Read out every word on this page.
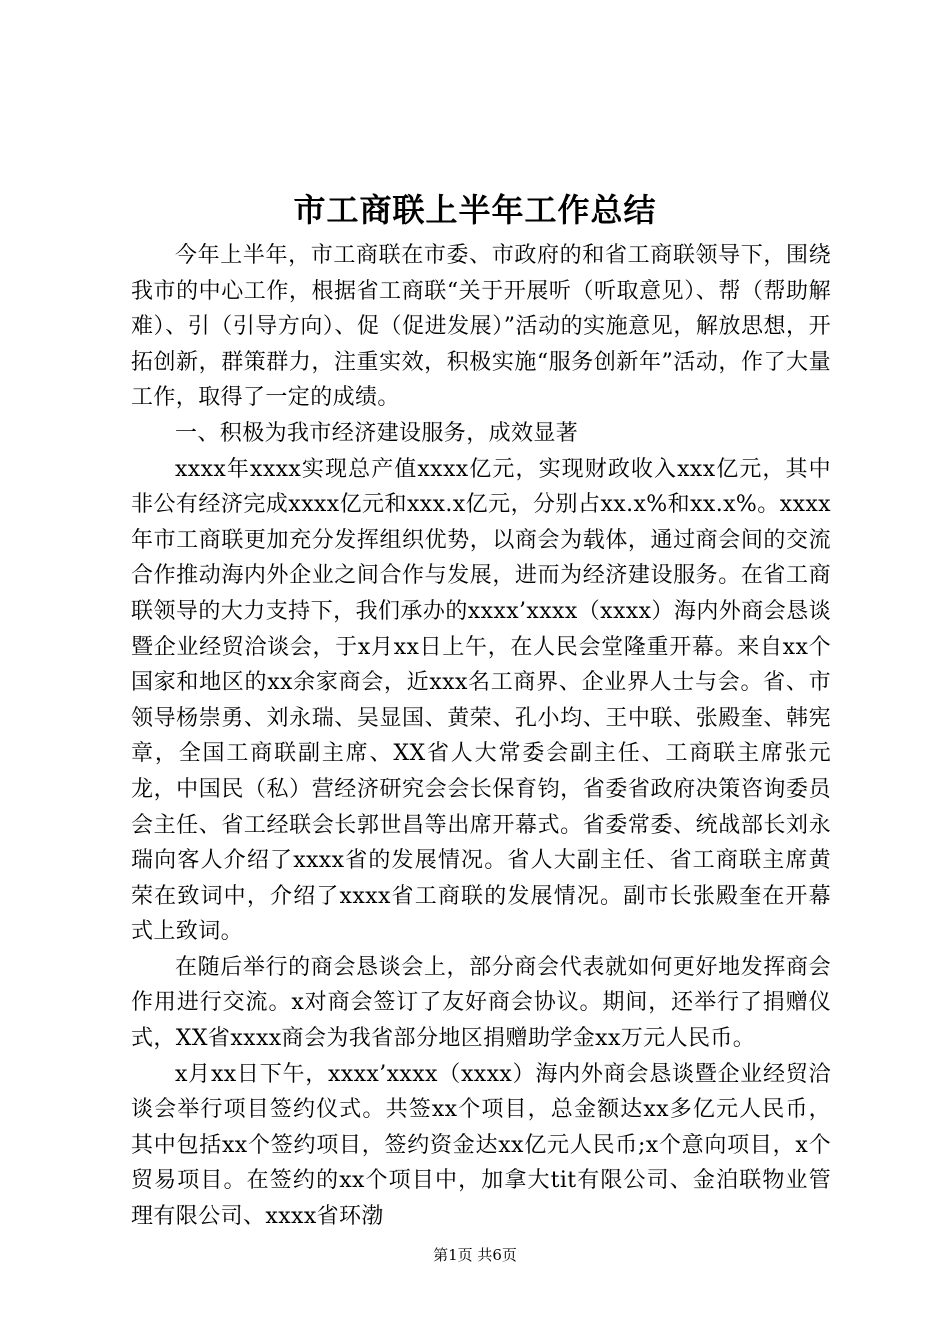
市工商联上半年工作总结

今年上半年，市工商联在市委、市政府的和省工商联领导下，围绕我市的中心工作，根据省工商联“关于开展听（听取意见）、帮（帮助解难）、引（引导方向）、促（促进发展）”活动的实施意见，解放思想，开拓创新，群策群力，注重实效，积极实施“服务创新年”活动，作了大量工作，取得了一定的成绩。

一、积极为我市经济建设服务，成效显著

xxxx年xxxx实现总产值xxxx亿元，实现财政收入xxx亿元，其中非公有经济完成xxxx亿元和xxx.x亿元，分别占xx.x%和xx.x%。xxxx年市工商联更加充分发挥组织优势，以商会为载体，通过商会间的交流合作推动海内外企业之间合作与发展，进而为经济建设服务。在省工商联领导的大力支持下，我们承办的xxxx’xxxx（xxxx）海内外商会恳谈暨企业经贸洽谈会，于x月xx日上午，在人民会堂隆重开幕。来自xx个国家和地区的xx余家商会，近xxx名工商界、企业界人士与会。省、市领导杨崇勇、刘永瑞、吴显国、黄荣、孔小均、王中联、张殿奎、韩宪章，全国工商联副主席、XX省人大常委会副主任、工商联主席张元龙，中国民（私）营经济研究会会长保育钧，省委省政府决策咨询委员会主任、省工经联会长郭世昌等出席开幕式。省委常委、统战部长刘永瑞向客人介绍了xxxx省的发展情况。省人大副主任、省工商联主席黄荣在致词中，介绍了xxxx省工商联的发展情况。副市长张殿奎在开幕式上致词。

在随后举行的商会恳谈会上，部分商会代表就如何更好地发挥商会作用进行交流。x对商会签订了友好商会协议。期间，还举行了捐赠仪式，XX省xxxx商会为我省部分地区捐赠助学金xx万元人民币。

x月xx日下午，xxxx’xxxx（xxxx）海内外商会恳谈暨企业经贸洽谈会举行项目签约仪式。共签xx个项目，总金额达xx多亿元人民币，其中包括xx个签约项目，签约资金达xx亿元人民币;x个意向项目，x个贸易项目。在签约的xx个项目中，加拿大tit有限公司、金泊联物业管理有限公司、xxxx省环渤

第1页 共6页
